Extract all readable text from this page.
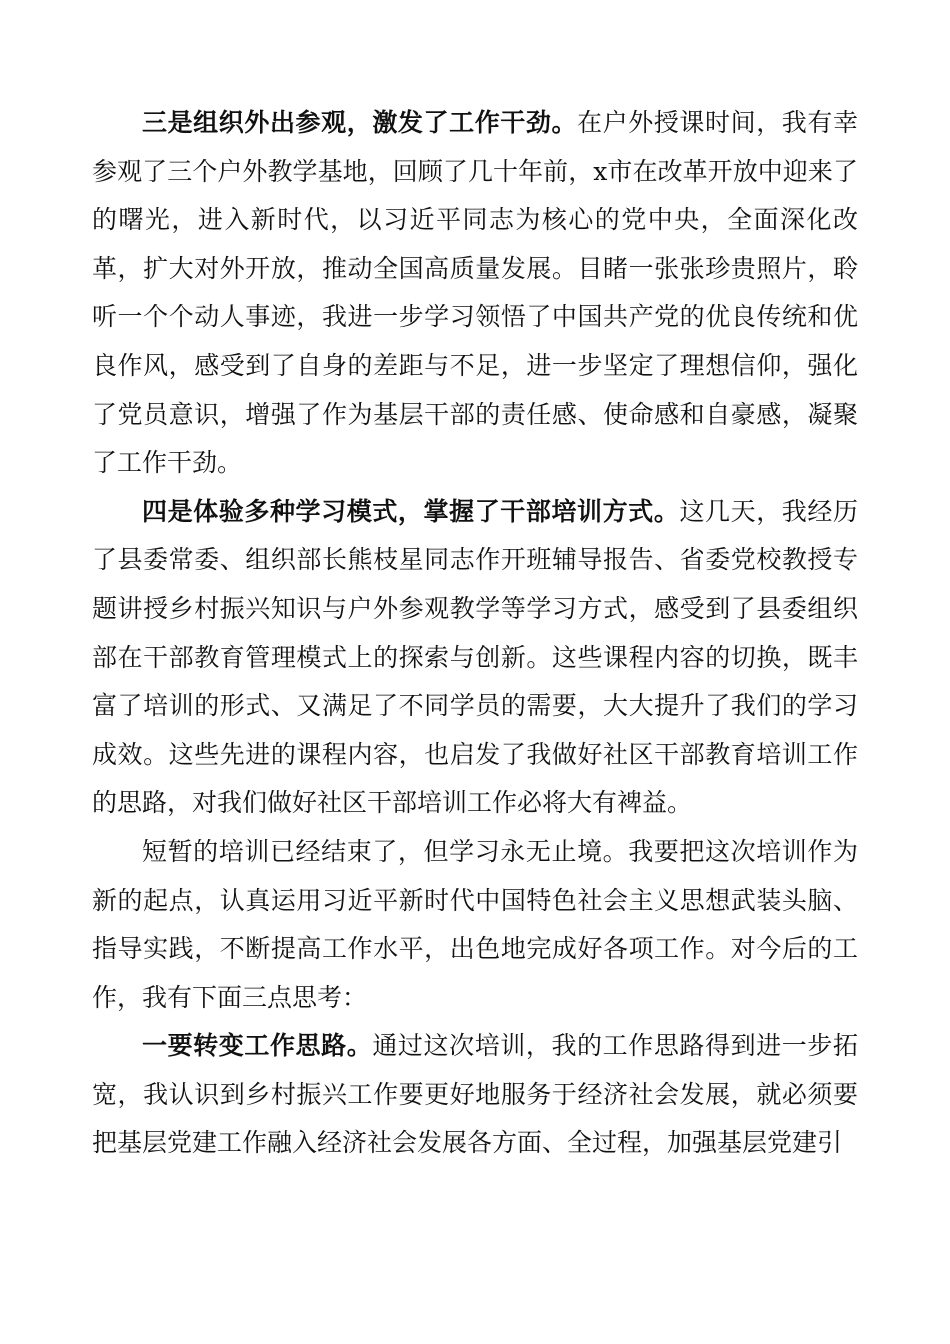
三是组织外出参观，激发了工作干劲。在户外授课时间，我有幸参观了三个户外教学基地，回顾了几十年前，x市在改革开放中迎来了的曙光，进入新时代，以习近平同志为核心的党中央，全面深化改革，扩大对外开放，推动全国高质量发展。目睹一张张珍贵照片，聆听一个个动人事迹，我进一步学习领悟了中国共产党的优良传统和优良作风，感受到了自身的差距与不足，进一步坚定了理想信仰，强化了党员意识，增强了作为基层干部的责任感、使命感和自豪感，凝聚了工作干劲。

四是体验多种学习模式，掌握了干部培训方式。这几天，我经历了县委常委、组织部长熊枝星同志作开班辅导报告、省委党校教授专题讲授乡村振兴知识与户外参观教学等学习方式，感受到了县委组织部在干部教育管理模式上的探索与创新。这些课程内容的切换，既丰富了培训的形式、又满足了不同学员的需要，大大提升了我们的学习成效。这些先进的课程内容，也启发了我做好社区干部教育培训工作的思路，对我们做好社区干部培训工作必将大有裨益。

短暂的培训已经结束了，但学习永无止境。我要把这次培训作为新的起点，认真运用习近平新时代中国特色社会主义思想武装头脑、指导实践，不断提高工作水平，出色地完成好各项工作。对今后的工作，我有下面三点思考：

一要转变工作思路。通过这次培训，我的工作思路得到进一步拓宽，我认识到乡村振兴工作要更好地服务于经济社会发展，就必须要把基层党建工作融入经济社会发展各方面、全过程，加强基层党建引
